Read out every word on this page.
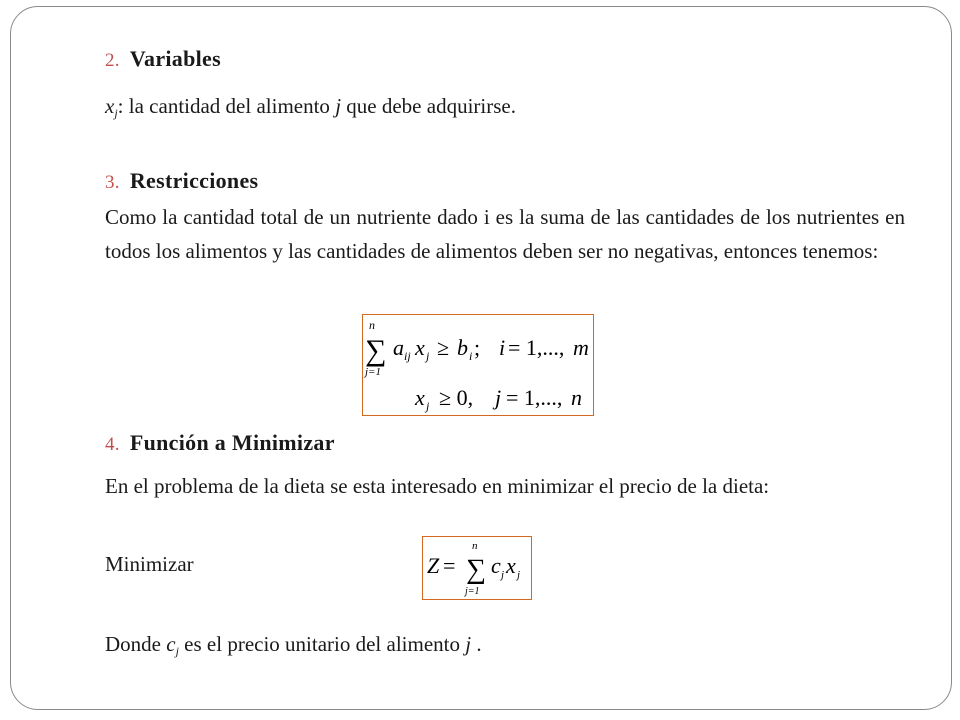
2. Variables
$x_j$: la cantidad del alimento j que debe adquirirse.
3. Restricciones
Como la cantidad total de un nutriente dado i es la suma de las cantidades de los nutrientes en todos los alimentos y las cantidades de alimentos deben ser no negativas, entonces tenemos:
4. Función a Minimizar
En el problema de la dieta se esta interesado en minimizar el precio de la dieta:
Minimizar
Donde $c_j$ es el precio unitario del alimento j .
n
∑
j=1
a ij x j ≥ b i ; i = 1,..., m
x j ≥ 0, j = 1,..., n
Z =
n
∑
j=1
c j x j
